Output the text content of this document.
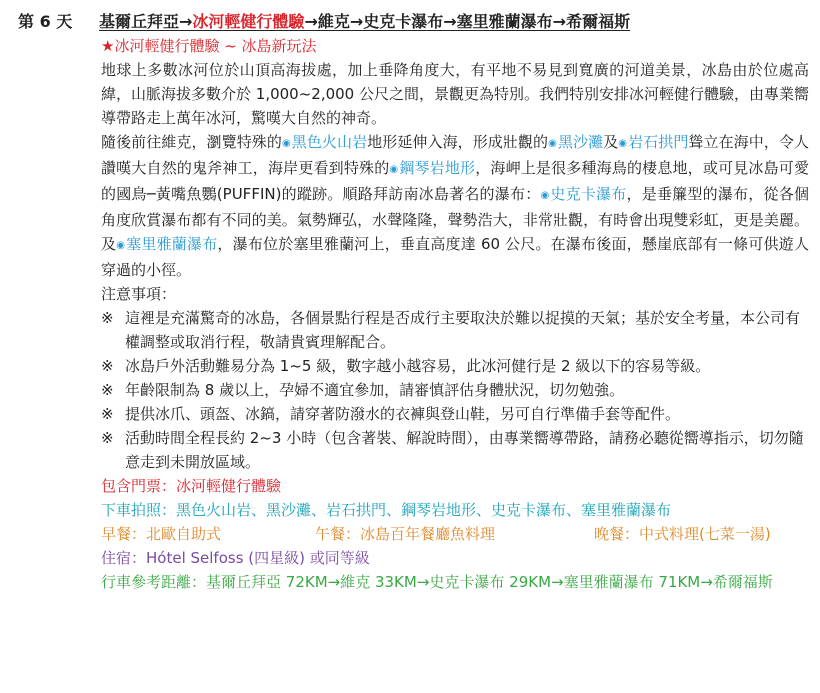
第 6 天 基爾丘拜亞→冰河輕健行體驗→維克→史克卡瀑布→塞里雅蘭瀑布→希爾福斯
★冰河輕健行體驗 ~ 冰島新玩法
地球上多數冰河位於山頂高海拔處，加上垂降角度大，有平地不易見到寬廣的河道美景，冰島由於位處高緯，山脈海拔多數介於 1,000~2,000 公尺之間，景觀更為特別。我們特別安排冰河輕健行體驗，由專業嚮導帶路走上萬年冰河，驚嘆大自然的神奇。
隨後前往維克，瀏覽特殊的◉黑色火山岩地形延伸入海，形成壯觀的◉黑沙灘及◉岩石拱門聳立在海中，令人讚嘆大自然的鬼斧神工，海岸更看到特殊的◉鋼琴岩地形，海岬上是很多種海鳥的棲息地，或可見冰島可愛的國鳥─黃嘴魚鸚(PUFFIN)的蹤跡。順路拜訪南冰島著名的瀑布：◉史克卡瀑布，是垂簾型的瀑布，從各個角度欣賞瀑布都有不同的美。氣勢輝弘，水聲隆隆，聲勢浩大，非常壯觀，有時會出現雙彩虹，更是美麗。及◉塞里雅蘭瀑布，瀑布位於塞里雅蘭河上，垂直高度達 60 公尺。在瀑布後面，懸崖底部有一條可供遊人穿過的小徑。
注意事項：
※ 這裡是充滿驚奇的冰島，各個景點行程是否成行主要取決於難以捉摸的天氣；基於安全考量，本公司有權調整或取消行程，敬請貴賓理解配合。
※ 冰島戶外活動難易分為 1~5 級，數字越小越容易，此冰河健行是 2 級以下的容易等級。
※ 年齡限制為 8 歲以上，孕婦不適宜參加，請審慎評估身體狀況，切勿勉強。
※ 提供冰爪、頭盔、冰鎬，請穿著防潑水的衣褲與登山鞋，另可自行準備手套等配件。
※ 活動時間全程長約 2~3 小時（包含著裝、解說時間），由專業嚮導帶路，請務必聽從嚮導指示，切勿隨意走到未開放區域。
包含門票：冰河輕健行體驗
下車拍照：黑色火山岩、黑沙灘、岩石拱門、鋼琴岩地形、史克卡瀑布、塞里雅蘭瀑布
早餐：北歐自助式	午餐：冰島百年餐廳魚料理	晚餐：中式料理(七菜一湯)
住宿：Hótel Selfoss (四星級) 或同等級
行車參考距離：基爾丘拜亞 72KM→維克 33KM→史克卡瀑布 29KM→塞里雅蘭瀑布 71KM→希爾福斯
